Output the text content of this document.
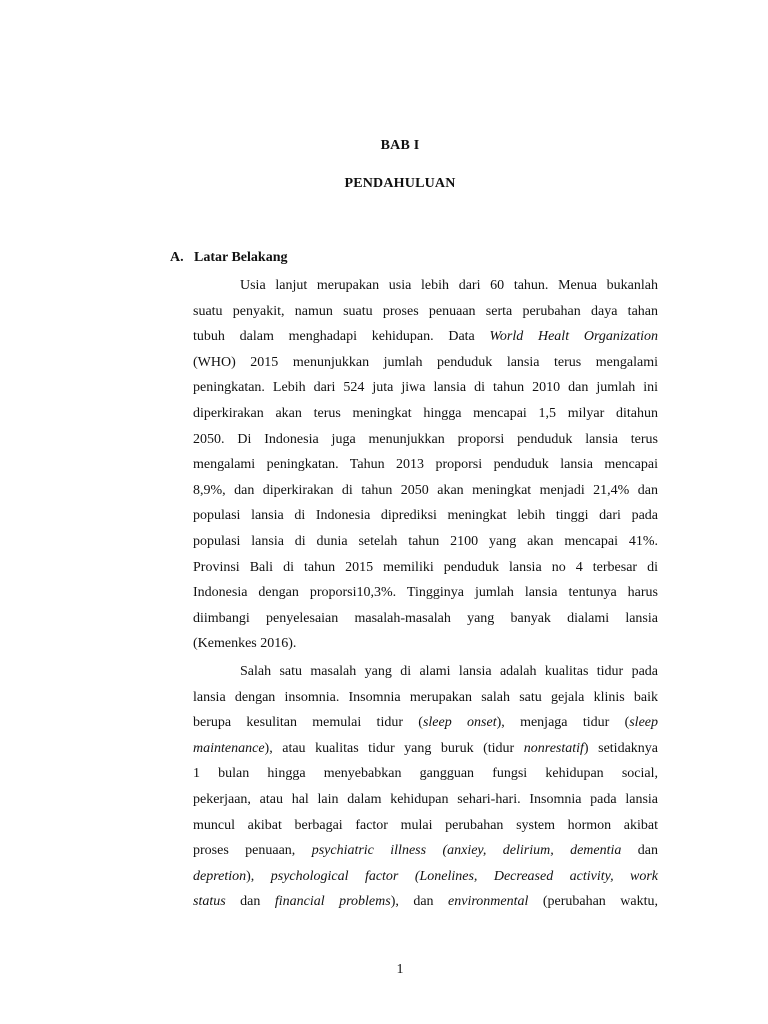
BAB I
PENDAHULUAN
A. Latar Belakang
Usia lanjut merupakan usia lebih dari 60 tahun. Menua bukanlah
suatu penyakit, namun suatu proses penuaan serta perubahan daya tahan
tubuh dalam menghadapi kehidupan. Data World Healt Organization
(WHO) 2015 menunjukkan jumlah penduduk lansia terus mengalami
peningkatan. Lebih dari 524 juta jiwa lansia di tahun 2010 dan jumlah ini
diperkirakan akan terus meningkat hingga mencapai 1,5 milyar ditahun
2050. Di Indonesia juga menunjukkan proporsi penduduk lansia terus
mengalami peningkatan. Tahun 2013 proporsi penduduk lansia mencapai
8,9%, dan diperkirakan di tahun 2050 akan meningkat menjadi 21,4% dan
populasi lansia di Indonesia diprediksi meningkat lebih tinggi dari pada
populasi lansia di dunia setelah tahun 2100 yang akan mencapai 41%.
Provinsi Bali di tahun 2015 memiliki penduduk lansia no 4 terbesar di
Indonesia dengan proporsi10,3%. Tingginya jumlah lansia tentunya harus
diimbangi penyelesaian masalah-masalah yang banyak dialami lansia
(Kemenkes 2016).
Salah satu masalah yang di alami lansia adalah kualitas tidur pada
lansia dengan insomnia. Insomnia merupakan salah satu gejala klinis baik
berupa kesulitan memulai tidur (sleep onset), menjaga tidur (sleep
maintenance), atau kualitas tidur yang buruk (tidur nonrestatif) setidaknya
1 bulan hingga menyebabkan gangguan fungsi kehidupan social,
pekerjaan, atau hal lain dalam kehidupan sehari-hari. Insomnia pada lansia
muncul akibat berbagai factor mulai perubahan system hormon akibat
proses penuaan, psychiatric illness (anxiey, delirium, dementia dan
depretion), psychological factor (Lonelines, Decreased activity, work
status dan financial problems), dan environmental (perubahan waktu,
1
